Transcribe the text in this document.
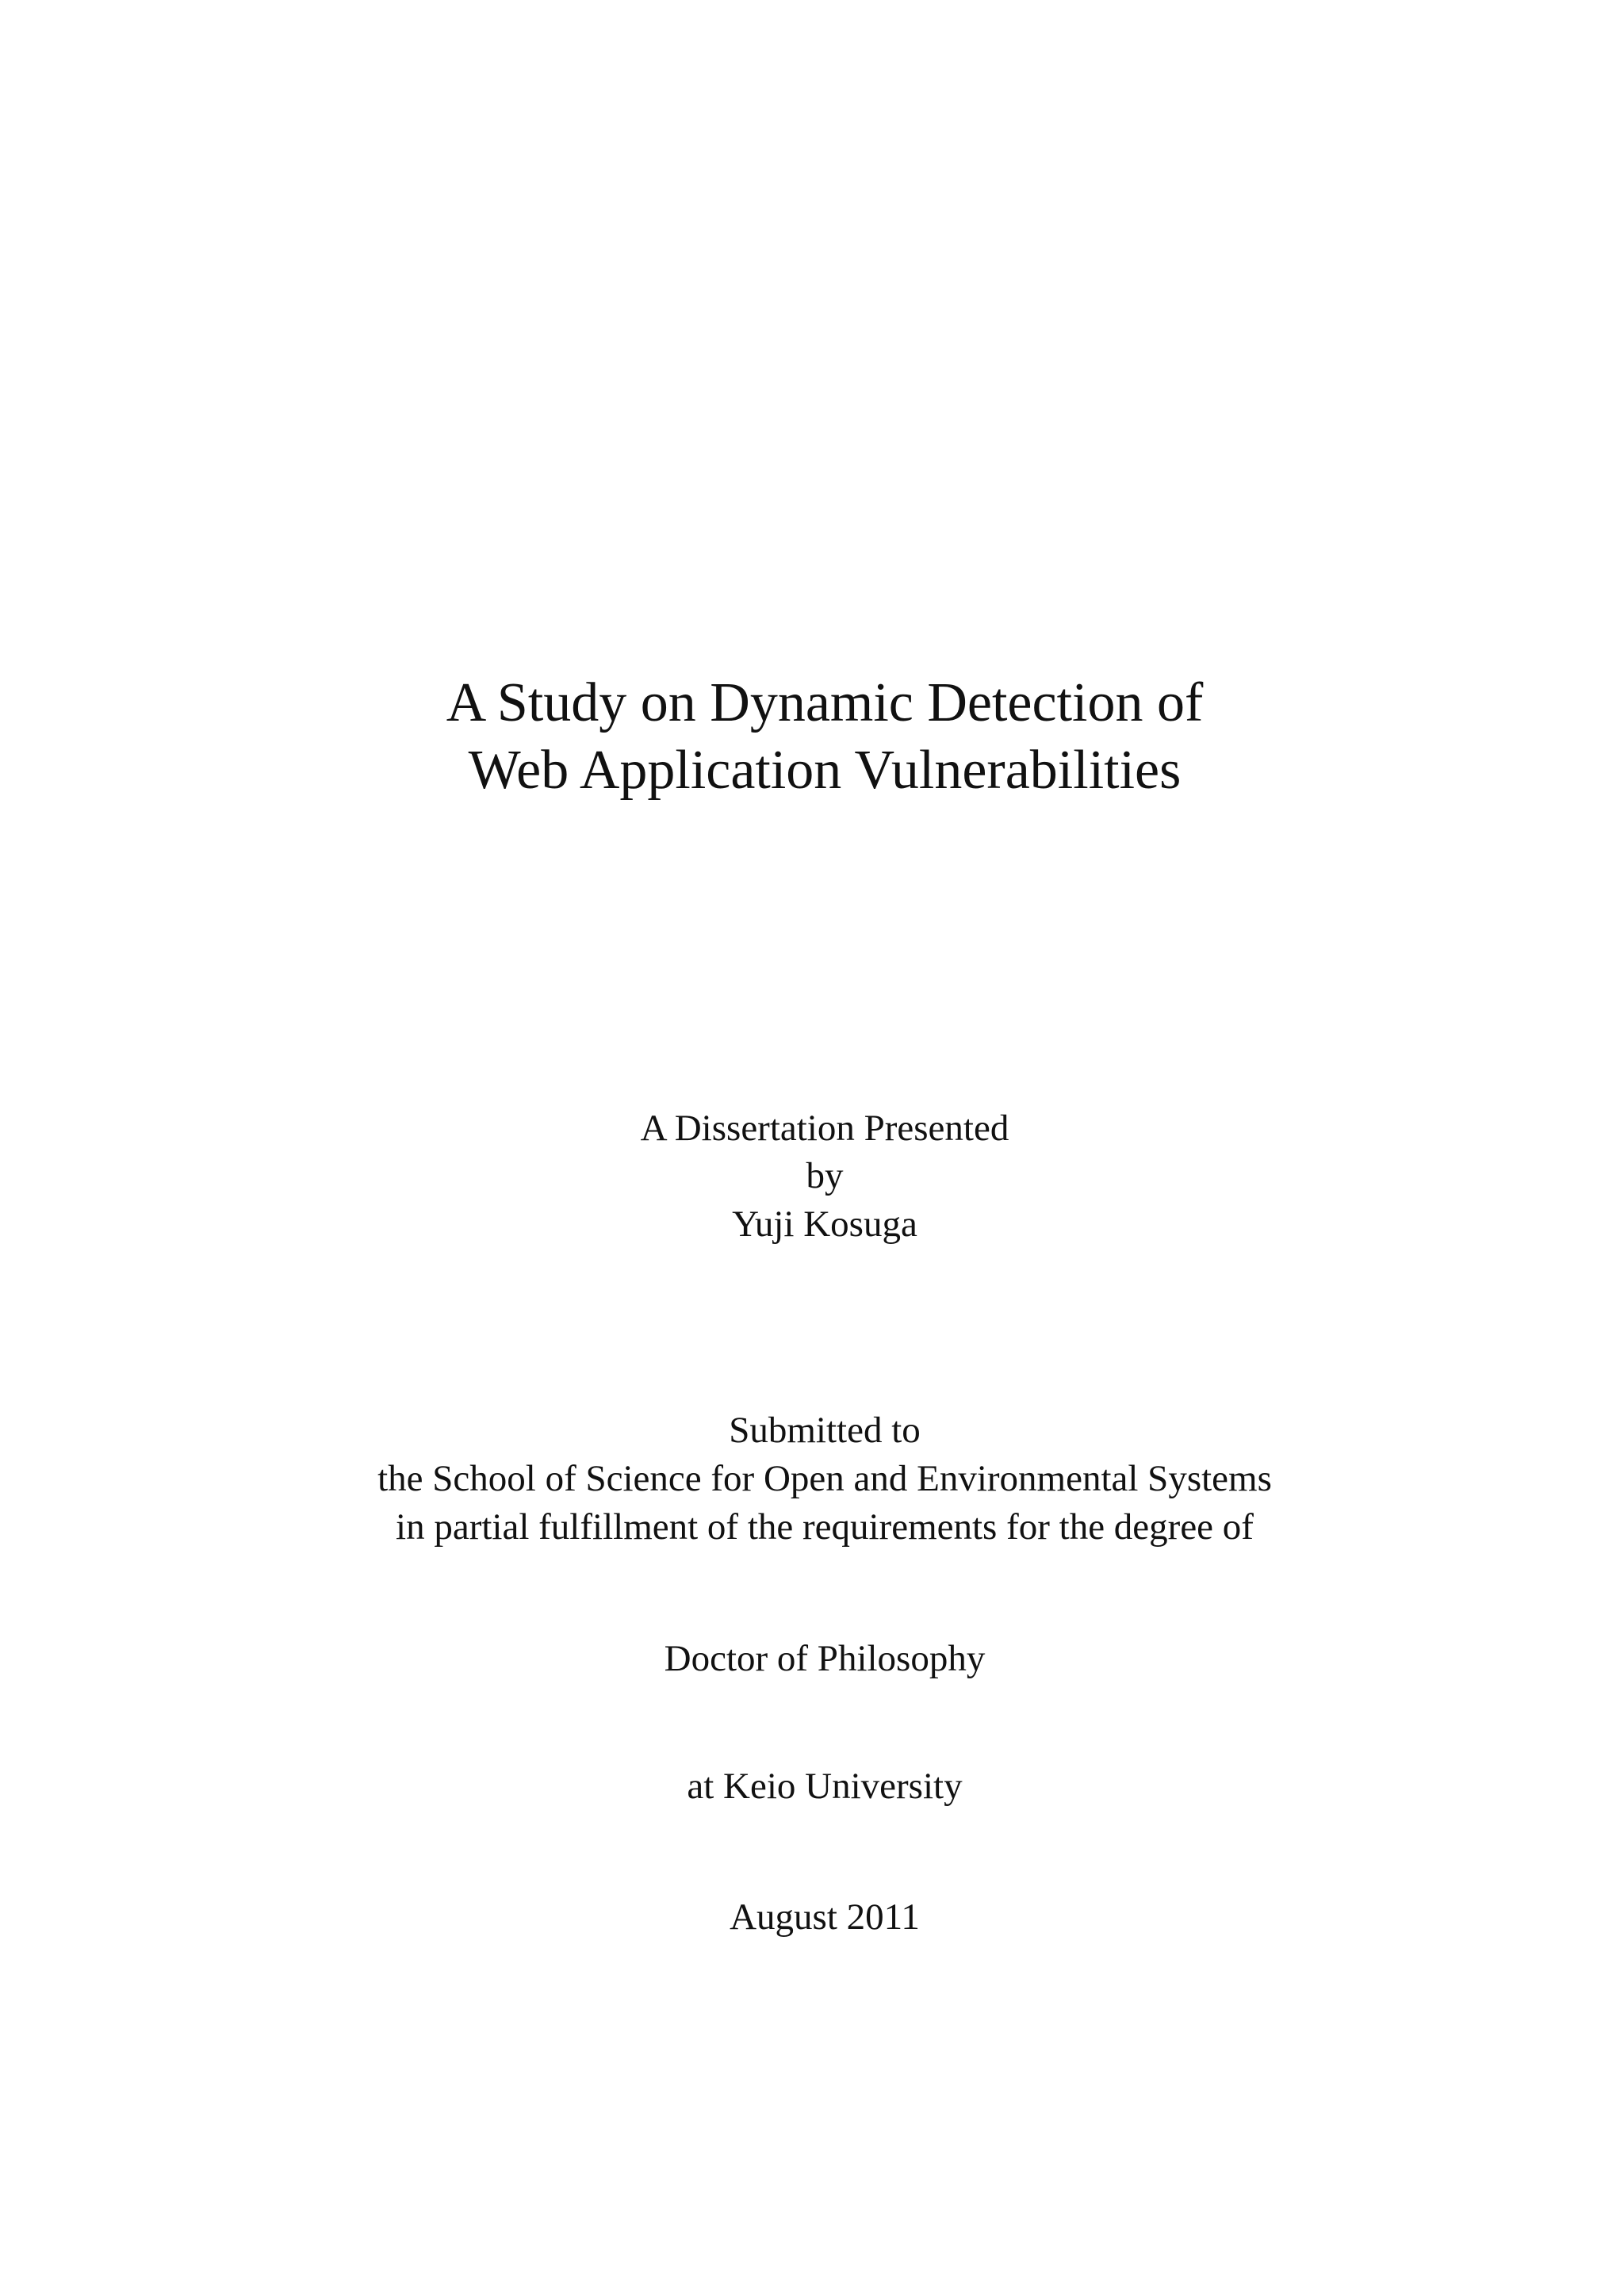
A Study on Dynamic Detection of
Web Application Vulnerabilities
A Dissertation Presented
by
Yuji Kosuga
Submitted to
the School of Science for Open and Environmental Systems
in partial fulfillment of the requirements for the degree of
Doctor of Philosophy
at Keio University
August 2011
